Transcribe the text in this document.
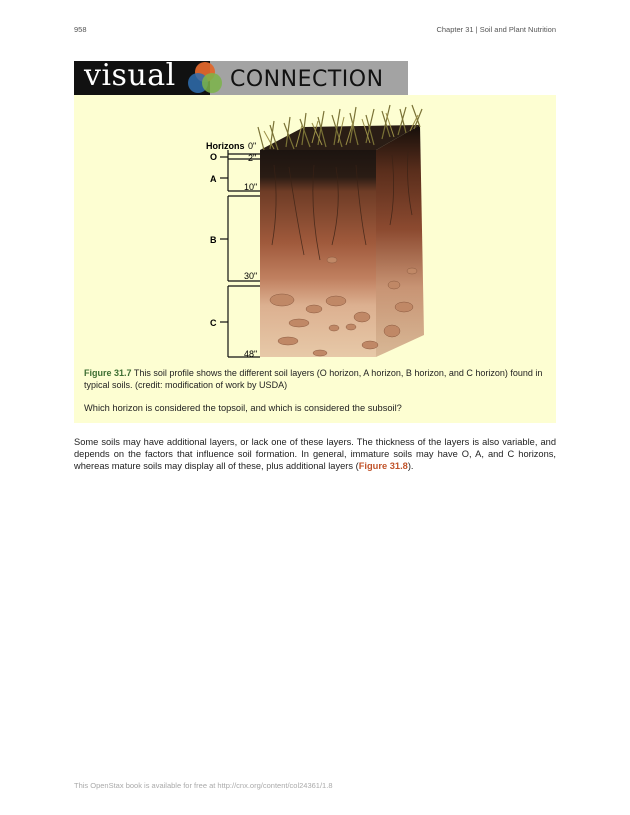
958	Chapter 31 | Soil and Plant Nutrition
visual CONNECTION
Horizons 0"
2"
10"
30"
48"
O
A
B
C
Figure 31.7 This soil profile shows the different soil layers (O horizon, A horizon, B horizon, and C horizon) found in typical soils. (credit: modification of work by USDA)
Which horizon is considered the topsoil, and which is considered the subsoil?
Some soils may have additional layers, or lack one of these layers. The thickness of the layers is also variable, and depends on the factors that influence soil formation. In general, immature soils may have O, A, and C horizons, whereas mature soils may display all of these, plus additional layers (Figure 31.8).
This OpenStax book is available for free at http://cnx.org/content/col24361/1.8
